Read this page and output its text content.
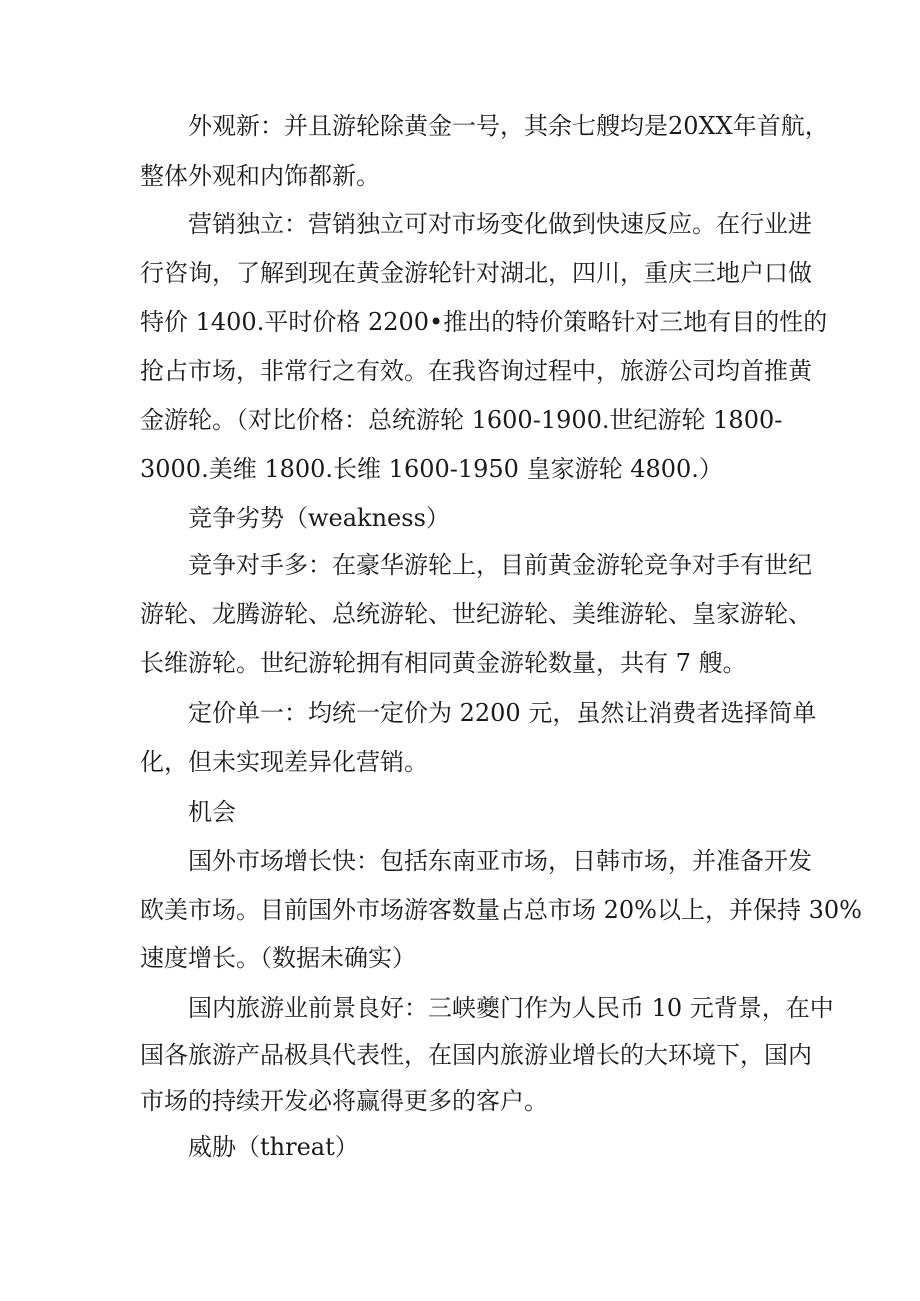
外观新：并且游轮除黄金一号，其余七艘均是20XX年首航，
整体外观和内饰都新。
营销独立：营销独立可对市场变化做到快速反应。在行业进
行咨询，了解到现在黄金游轮针对湖北，四川，重庆三地户口做
特价 1400.平时价格 2200•推出的特价策略针对三地有目的性的
抢占市场，非常行之有效。在我咨询过程中，旅游公司均首推黄
金游轮。（对比价格：总统游轮 1600-1900.世纪游轮 1800-
3000.美维 1800.长维 1600-1950 皇家游轮 4800.）
竞争劣势（weakness）
竞争对手多：在豪华游轮上，目前黄金游轮竞争对手有世纪
游轮、龙腾游轮、总统游轮、世纪游轮、美维游轮、皇家游轮、
长维游轮。世纪游轮拥有相同黄金游轮数量，共有 7 艘。
定价单一：均统一定价为 2200 元，虽然让消费者选择简单
化，但未实现差异化营销。
机会
国外市场增长快：包括东南亚市场，日韩市场，并准备开发
欧美市场。目前国外市场游客数量占总市场 20%以上，并保持 30%
速度增长。（数据未确实）
国内旅游业前景良好：三峡夔门作为人民币 10 元背景，在中
国各旅游产品极具代表性，在国内旅游业增长的大环境下，国内
市场的持续开发必将赢得更多的客户。
威胁（threat）
